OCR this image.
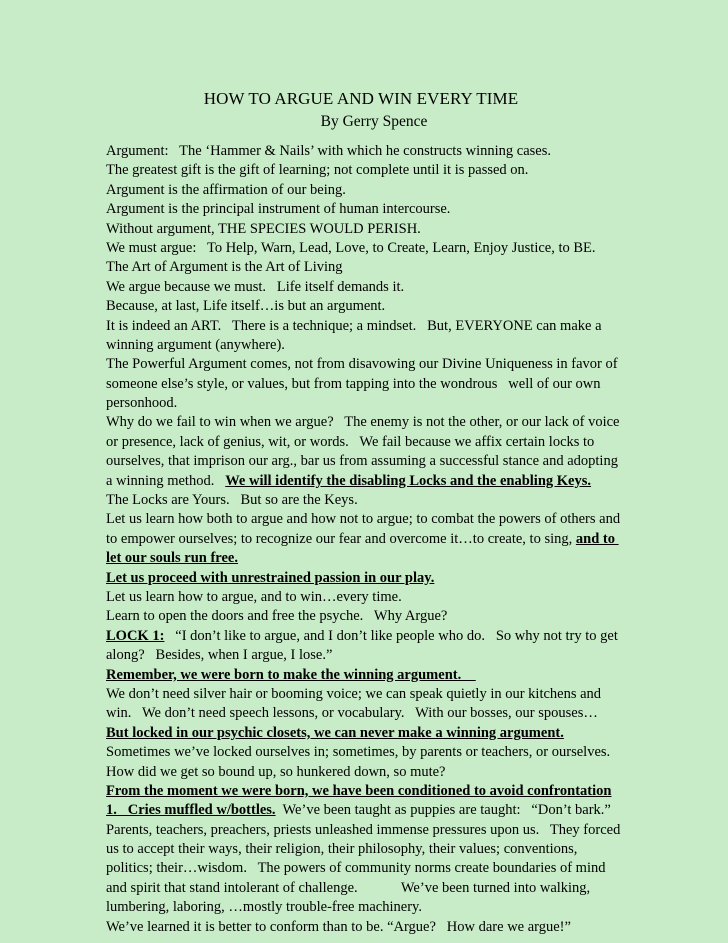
HOW TO ARGUE AND WIN EVERY TIME
By Gerry Spence
Argument:   The ‘Hammer & Nails’ with which he constructs winning cases.
The greatest gift is the gift of learning; not complete until it is passed on.
Argument is the affirmation of our being.
Argument is the principal instrument of human intercourse.
Without argument, THE SPECIES WOULD PERISH.
We must argue:   To Help, Warn, Lead, Love, to Create, Learn, Enjoy Justice, to BE.
The Art of Argument is the Art of Living
We argue because we must.   Life itself demands it.
Because, at last, Life itself…is but an argument.
It is indeed an ART.   There is a technique; a mindset.   But, EVERYONE can make a
winning argument (anywhere).
The Powerful Argument comes, not from disavowing our Divine Uniqueness in favor of
someone else’s style, or values, but from tapping into the wondrous   well of our own
personhood.
Why do we fail to win when we argue?   The enemy is not the other, or our lack of voice
or presence, lack of genius, wit, or words.   We fail because we affix certain locks to
ourselves, that imprison our arg., bar us from assuming a successful stance and adopting
a winning method.   We will identify the disabling Locks and the enabling Keys.
The Locks are Yours.   But so are the Keys.
Let us learn how both to argue and how not to argue; to combat the powers of others and
to empower ourselves; to recognize our fear and overcome it…to create, to sing, and to
let our souls run free.
Let us proceed with unrestrained passion in our play.
Let us learn how to argue, and to win…every time.
Learn to open the doors and free the psyche.   Why Argue?
LOCK 1:   “I don’t like to argue, and I don’t like people who do.   So why not try to get
along?   Besides, when I argue, I lose.”
Remember, we were born to make the winning argument.
We don’t need silver hair or booming voice; we can speak quietly in our kitchens and
win.   We don’t need speech lessons, or vocabulary.   With our bosses, our spouses…
But locked in our psychic closets, we can never make a winning argument.
Sometimes we’ve locked ourselves in; sometimes, by parents or teachers, or ourselves.
How did we get so bound up, so hunkered down, so mute?
From the moment we were born, we have been conditioned to avoid confrontation
1.   Cries muffled w/bottles.  We’ve been taught as puppies are taught:   “Don’t bark.”
Parents, teachers, preachers, priests unleashed immense pressures upon us.   They forced
us to accept their ways, their religion, their philosophy, their values; conventions,
politics; their…wisdom.   The powers of community norms create boundaries of mind
and spirit that stand intolerant of challenge.            We’ve been turned into walking,
lumbering, laboring, …mostly trouble-free machinery.
We’ve learned it is better to conform than to be. “Argue?   How dare we argue!”
